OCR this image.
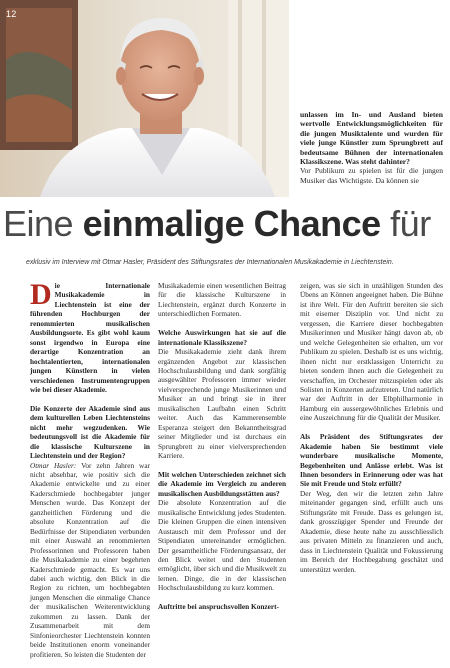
12
unlassen im In- und Ausland bieten wertvolle Entwicklungsmöglichkeiten für die jungen Musiktalente und wurden für viele junge Künstler zum Sprungbrett auf bedeutsame Bühnen der internationalen Klassikszene. Was steht dahinter?
Vor Publikum zu spielen ist für die jungen Musiker das Wichtigste. Da können sie
Eine einmalige Chance für
exklusiv im Interview mit Otmar Hasler, Präsident des Stiftungsrates der Internationalen Musikakademie in Liechtenstein.

Die Internationale Musikakademie in Liechtenstein ist eine der führenden Hochburgen der renommierten musikalischen Ausbildungsorte. Es gibt wohl kaum sonst irgendwo in Europa eine derartige Konzentration an hochtalentierten, internationalen jungen Künstlern in vielen verschiedenen Instrumentengruppen wie bei dieser Akademie.

Die Konzerte der Akademie sind aus dem kulturellen Leben Liechtensteins nicht mehr wegzudenken. Wie bedeutungsvoll ist die Akademie für die klassische Kulturszene in Liechtenstein und der Region?

Otmar Hasler: Vor zehn Jahren war nicht absehbar, wie positiv sich die Akademie entwickelte und zu einer Kaderschmiede hochbegabter junger Menschen wurde. Das Konzept der ganzheitlichen Förderung und die absolute Konzentration auf die Bedürfnisse der Stipendiaten verbunden mit einer Auswahl an renommierten Professorinnen und Professoren haben die Musikakademie zu einer begehrten Kaderschmiede gemacht. Es war uns dabei auch wichtig, den Blick in die Region zu richten, um hochbegabten jungen Menschen die einmalige Chance der musikalischen Weiterentwicklung zukommen zu lassen. Dank der Zusammenarbeit mit dem Sinfonieorchester Liechtenstein konnten beide Institutionen enorm voneinander profitieren. So leisten die Studenten der

Musikakademie einen wesentlichen Beitrag für die klassische Kulturszene in Liechtenstein, ergänzt durch Konzerte in unterschiedlichen Formaten.

Welche Auswirkungen hat sie auf die internationale Klassikszene?

Die Musikakademie zieht dank ihrem ergänzenden Angebot zur klassischen Hochschulausbildung und dank sorgfältig ausgewählter Professoren immer wieder vielversprechende junge Musikerinnen und Musiker an und bringt sie in ihrer musikalischen Laufbahn einen Schritt weiter. Auch das Kammerensemble Esperanza steigert den Bekanntheitsgrad seiner Mitglieder und ist durchaus ein Sprungbrett zu einer vielversprechenden Karriere.

Mit welchen Unterschieden zeichnet sich die Akademie im Vergleich zu anderen musikalischen Ausbildungsstätten aus?

Die absolute Konzentration auf die musikalische Entwicklung jedes Studenten. Die kleinen Gruppen die einen intensiven Austausch mit dem Professor und der Stipendiaten untereinander ermöglichen. Der gesamtheitliche Förderungsansatz, der den Blick weitet und den Studenten ermöglicht, über sich und die Musikwelt zu lernen. Dinge, die in der klassischen Hochschulausbildung zu kurz kommen.

Auftritte bei anspruchsvollen Konzert-

zeigen, was sie sich in unzähligen Stunden des Übens an Können angeeignet haben. Die Bühne ist ihre Welt. Für den Auftritt bereiten sie sich mit eiserner Disziplin vor. Und nicht zu vergessen, die Karriere dieser hochbegabten Musikerinnen und Musiker hängt davon ab, ob und welche Gelegenheiten sie erhalten, um vor Publikum zu spielen. Deshalb ist es uns wichtig, ihnen nicht nur erstklassigen Unterricht zu bieten sondern ihnen auch die Gelegenheit zu verschaffen, im Orchester mitzuspielen oder als Solisten in Konzerten aufzutreten. Und natürlich war der Auftritt in der Elbphilharmonie in Hamburg ein aussergewöhnliches Erlebnis und eine Auszeichnung für die Qualität der Musiker.

Als Präsident des Stiftungsrates der Akademie haben Sie bestimmt viele wunderbare musikalische Momente, Begebenheiten und Anlässe erlebt. Was ist Ihnen besonders in Erinnerung oder was hat Sie mit Freude und Stolz erfüllt?

Der Weg, den wir die letzten zehn Jahre miteinander gegangen sind, erfüllt auch uns Stiftungsräte mit Freude. Dass es gelungen ist, dank grosszügiger Spender und Freunde der Akademie, diese heute nahe zu ausschliesslich aus privaten Mitteln zu finanzieren und auch, dass in Liechtenstein Qualität und Fokussierung im Bereich der Hochbegabung geschätzt und unterstützt werden.
